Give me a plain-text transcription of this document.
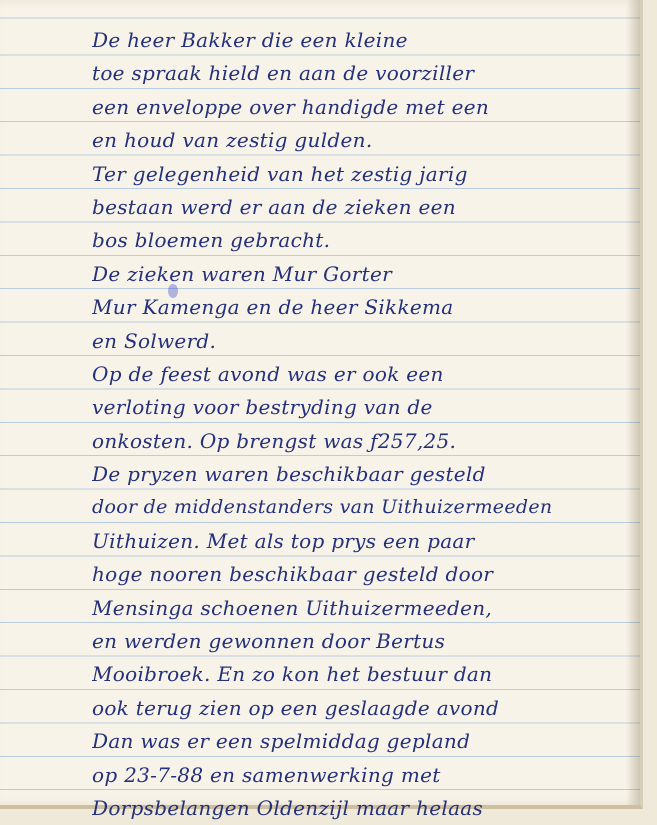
De heer Bakker die een kleine
toe spraak hield en aan de voorziller
een enveloppe over handigde met een
en houd van zestig gulden.
Ter gelegenheid van het zestig jarig
bestaan werd er aan de zieken een
bos bloemen gebracht.
De zieken waren Mur Gorter
Mur Kamenga en de heer Sikkema
en Solwerd.
Op de feest avond was er ook een
verloting voor bestryding van de
onkosten. Op brengst was ƒ257,25.
De pryzen waren beschikbaar gesteld
door de middenstanders van Uithuizermeeden
Uithuizen. Met als top prys een paar
hoge nooren beschikbaar gesteld door
Mensinga schoenen Uithuizermeeden,
en werden gewonnen door Bertus
Mooibroek. En zo kon het bestuur dan
ook terug zien op een geslaagde avond
Dan was er een spelmiddag gepland
op 23-7-88 en samenwerking met
Dorpsbelangen Oldenzijl maar helaas
